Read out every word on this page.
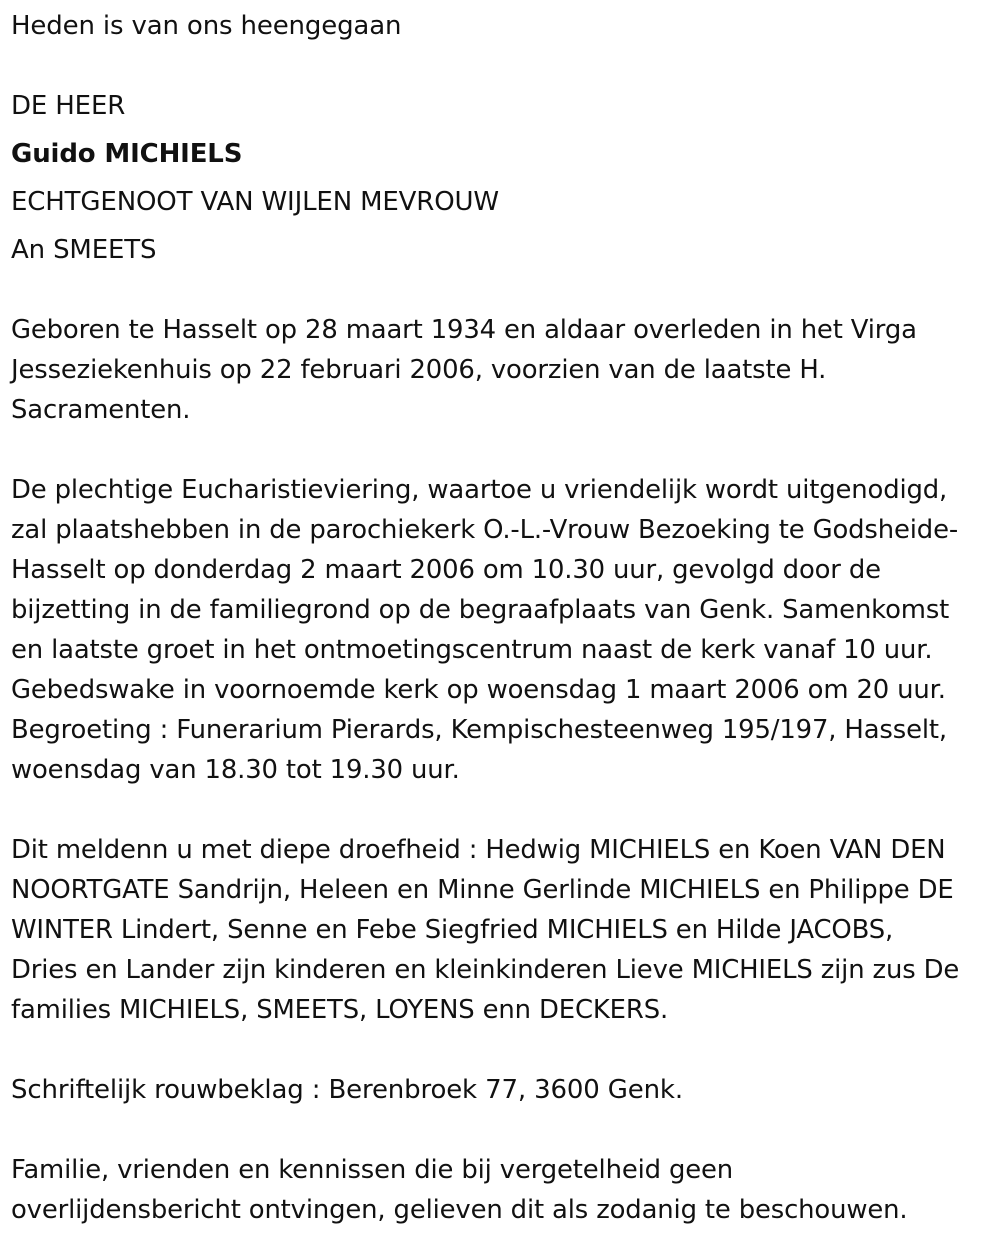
Heden is van ons heengegaan
DE HEER
Guido MICHIELS
ECHTGENOOT VAN WIJLEN MEVROUW
An SMEETS
Geboren te Hasselt op 28 maart 1934 en aldaar overleden in het Virga Jesseziekenhuis op 22 februari 2006, voorzien van de laatste H. Sacramenten.
De plechtige Eucharistieviering, waartoe u vriendelijk wordt uitgenodigd, zal plaatshebben in de parochiekerk O.-L.-Vrouw Bezoeking te Godsheide- Hasselt op donderdag 2 maart 2006 om 10.30 uur, gevolgd door de bijzetting in de familiegrond op de begraafplaats van Genk. Samenkomst en laatste groet in het ontmoetingscentrum naast de kerk vanaf 10 uur. Gebedswake in voornoemde kerk op woensdag 1 maart 2006 om 20 uur. Begroeting : Funerarium Pierards, Kempischesteenweg 195/197, Hasselt, woensdag van 18.30 tot 19.30 uur.
Dit meldenn u met diepe droefheid : Hedwig MICHIELS en Koen VAN DEN NOORTGATE Sandrijn, Heleen en Minne Gerlinde MICHIELS en Philippe DE WINTER Lindert, Senne en Febe Siegfried MICHIELS en Hilde JACOBS, Dries en Lander zijn kinderen en kleinkinderen Lieve MICHIELS zijn zus De families MICHIELS, SMEETS, LOYENS enn DECKERS.
Schriftelijk rouwbeklag : Berenbroek 77, 3600 Genk.
Familie, vrienden en kennissen die bij vergetelheid geen overlijdensbericht ontvingen, gelieven dit als zodanig te beschouwen.
